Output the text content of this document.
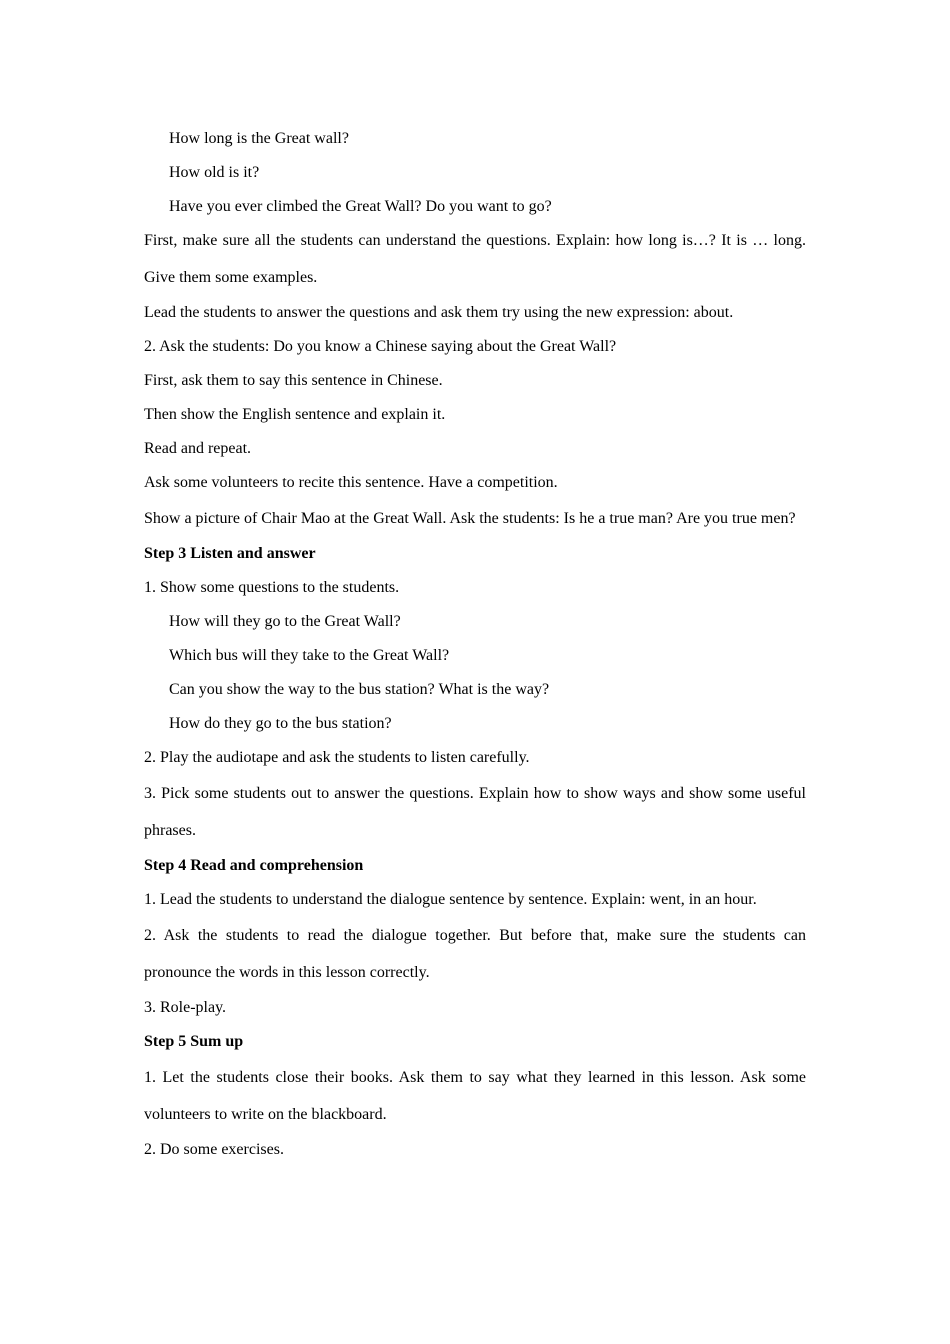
How long is the Great wall?
How old is it?
Have you ever climbed the Great Wall? Do you want to go?
First, make sure all the students can understand the questions. Explain: how long is…? It is … long. Give them some examples.
Lead the students to answer the questions and ask them try using the new expression: about.
2. Ask the students: Do you know a Chinese saying about the Great Wall?
First, ask them to say this sentence in Chinese.
Then show the English sentence and explain it.
Read and repeat.
Ask some volunteers to recite this sentence. Have a competition.
Show a picture of Chair Mao at the Great Wall. Ask the students: Is he a true man? Are you true men?
Step 3 Listen and answer
1. Show some questions to the students.
How will they go to the Great Wall?
Which bus will they take to the Great Wall?
Can you show the way to the bus station? What is the way?
How do they go to the bus station?
2. Play the audiotape and ask the students to listen carefully.
3. Pick some students out to answer the questions. Explain how to show ways and show some useful phrases.
Step 4 Read and comprehension
1. Lead the students to understand the dialogue sentence by sentence. Explain: went, in an hour.
2. Ask the students to read the dialogue together. But before that, make sure the students can pronounce the words in this lesson correctly.
3. Role-play.
Step 5 Sum up
1. Let the students close their books. Ask them to say what they learned in this lesson. Ask some volunteers to write on the blackboard.
2. Do some exercises.
